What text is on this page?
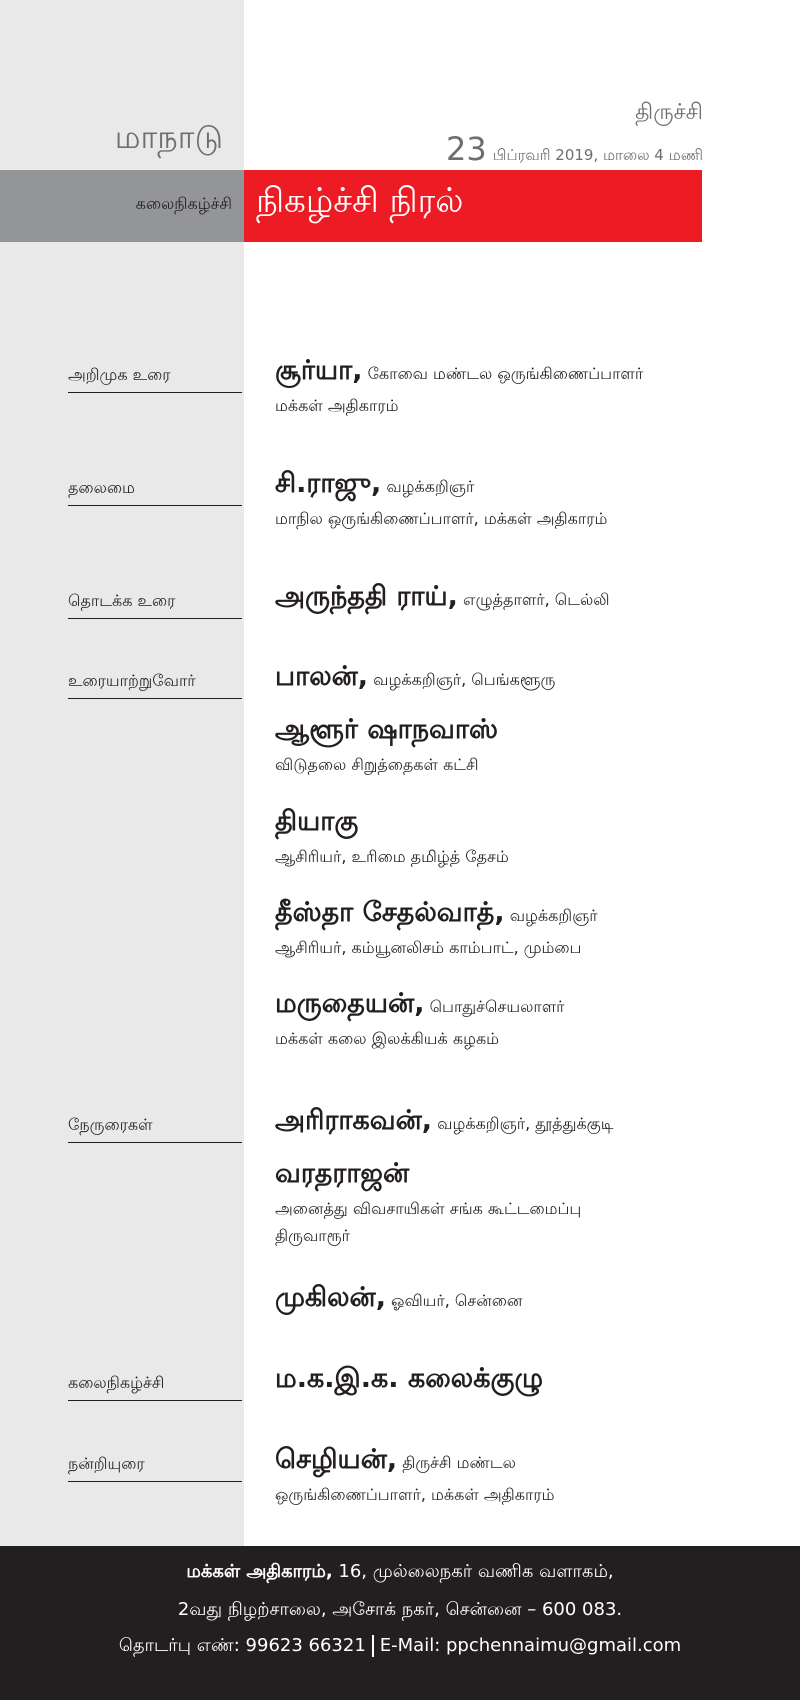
மாநாடு
திருச்சி
23 பிப்ரவரி 2019, மாலை 4 மணி
கலைநிகழ்ச்சி நிகழ்ச்சி நிரல்
அறிமுக உரை	சூர்யா, கோவை மண்டல ஒருங்கிணைப்பாளர்
மக்கள் அதிகாரம்
தலைமை	சி.ராஜு, வழக்கறிஞர்
மாநில ஒருங்கிணைப்பாளர், மக்கள் அதிகாரம்
தொடக்க உரை	அருந்ததி ராய், எழுத்தாளர், டெல்லி
உரையாற்றுவோர்	பாலன், வழக்கறிஞர், பெங்களூரு
ஆளூர் ஷாநவாஸ்
விடுதலை சிறுத்தைகள் கட்சி
தியாகு
ஆசிரியர், உரிமை தமிழ்த் தேசம்
தீஸ்தா சேதல்வாத், வழக்கறிஞர்
ஆசிரியர், கம்யூனலிசம் காம்பாட், மும்பை
மருதையன், பொதுச்செயலாளர்
மக்கள் கலை இலக்கியக் கழகம்
நேருரைகள்	அரிராகவன், வழக்கறிஞர், தூத்துக்குடி
வரதராஜன்
அனைத்து விவசாயிகள் சங்க கூட்டமைப்பு
திருவாரூர்
முகிலன், ஓவியர், சென்னை
கலைநிகழ்ச்சி	ம.க.இ.க. கலைக்குழு
நன்றியுரை	செழியன், திருச்சி மண்டல
ஒருங்கிணைப்பாளர், மக்கள் அதிகாரம்
மக்கள் அதிகாரம், 16, முல்லைநகர் வணிக வளாகம்,
2வது நிழற்சாலை, அசோக் நகர், சென்னை – 600 083.
தொடர்பு எண்: 99623 66321 E-Mail: ppchennaimu@gmail.com
